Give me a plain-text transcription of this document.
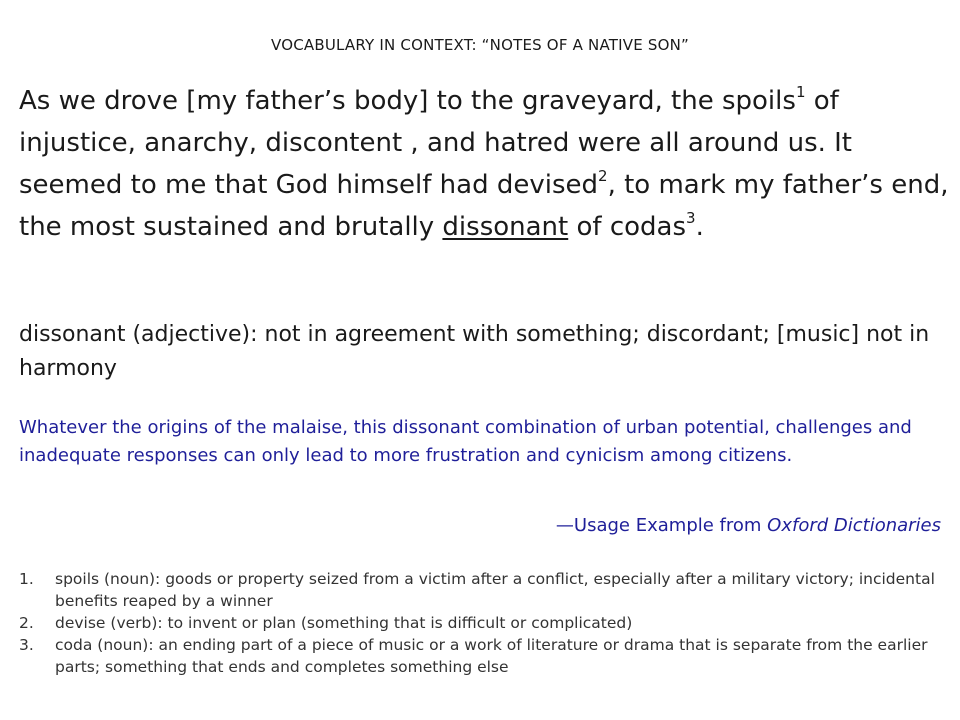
VOCABULARY IN CONTEXT: “NOTES OF A NATIVE SON”
As we drove [my father’s body] to the graveyard, the spoils$^1$ of injustice, anarchy, discontent , and hatred were all around us. It seemed to me that God himself had devised$^2$, to mark my father’s end, the most sustained and brutally dissonant of codas$^3$.
dissonant (adjective): not in agreement with something; discordant; [music] not in harmony
Whatever the origins of the malaise, this dissonant combination of urban potential, challenges and inadequate responses can only lead to more frustration and cynicism among citizens.
—Usage Example from Oxford Dictionaries
1.	spoils (noun): goods or property seized from a victim after a conflict, especially after a military victory; incidental benefits reaped by a winner
2.	devise (verb): to invent or plan (something that is difficult or complicated)
3.	coda (noun): an ending part of a piece of music or a work of literature or drama that is separate from the earlier parts; something that ends and completes something else
